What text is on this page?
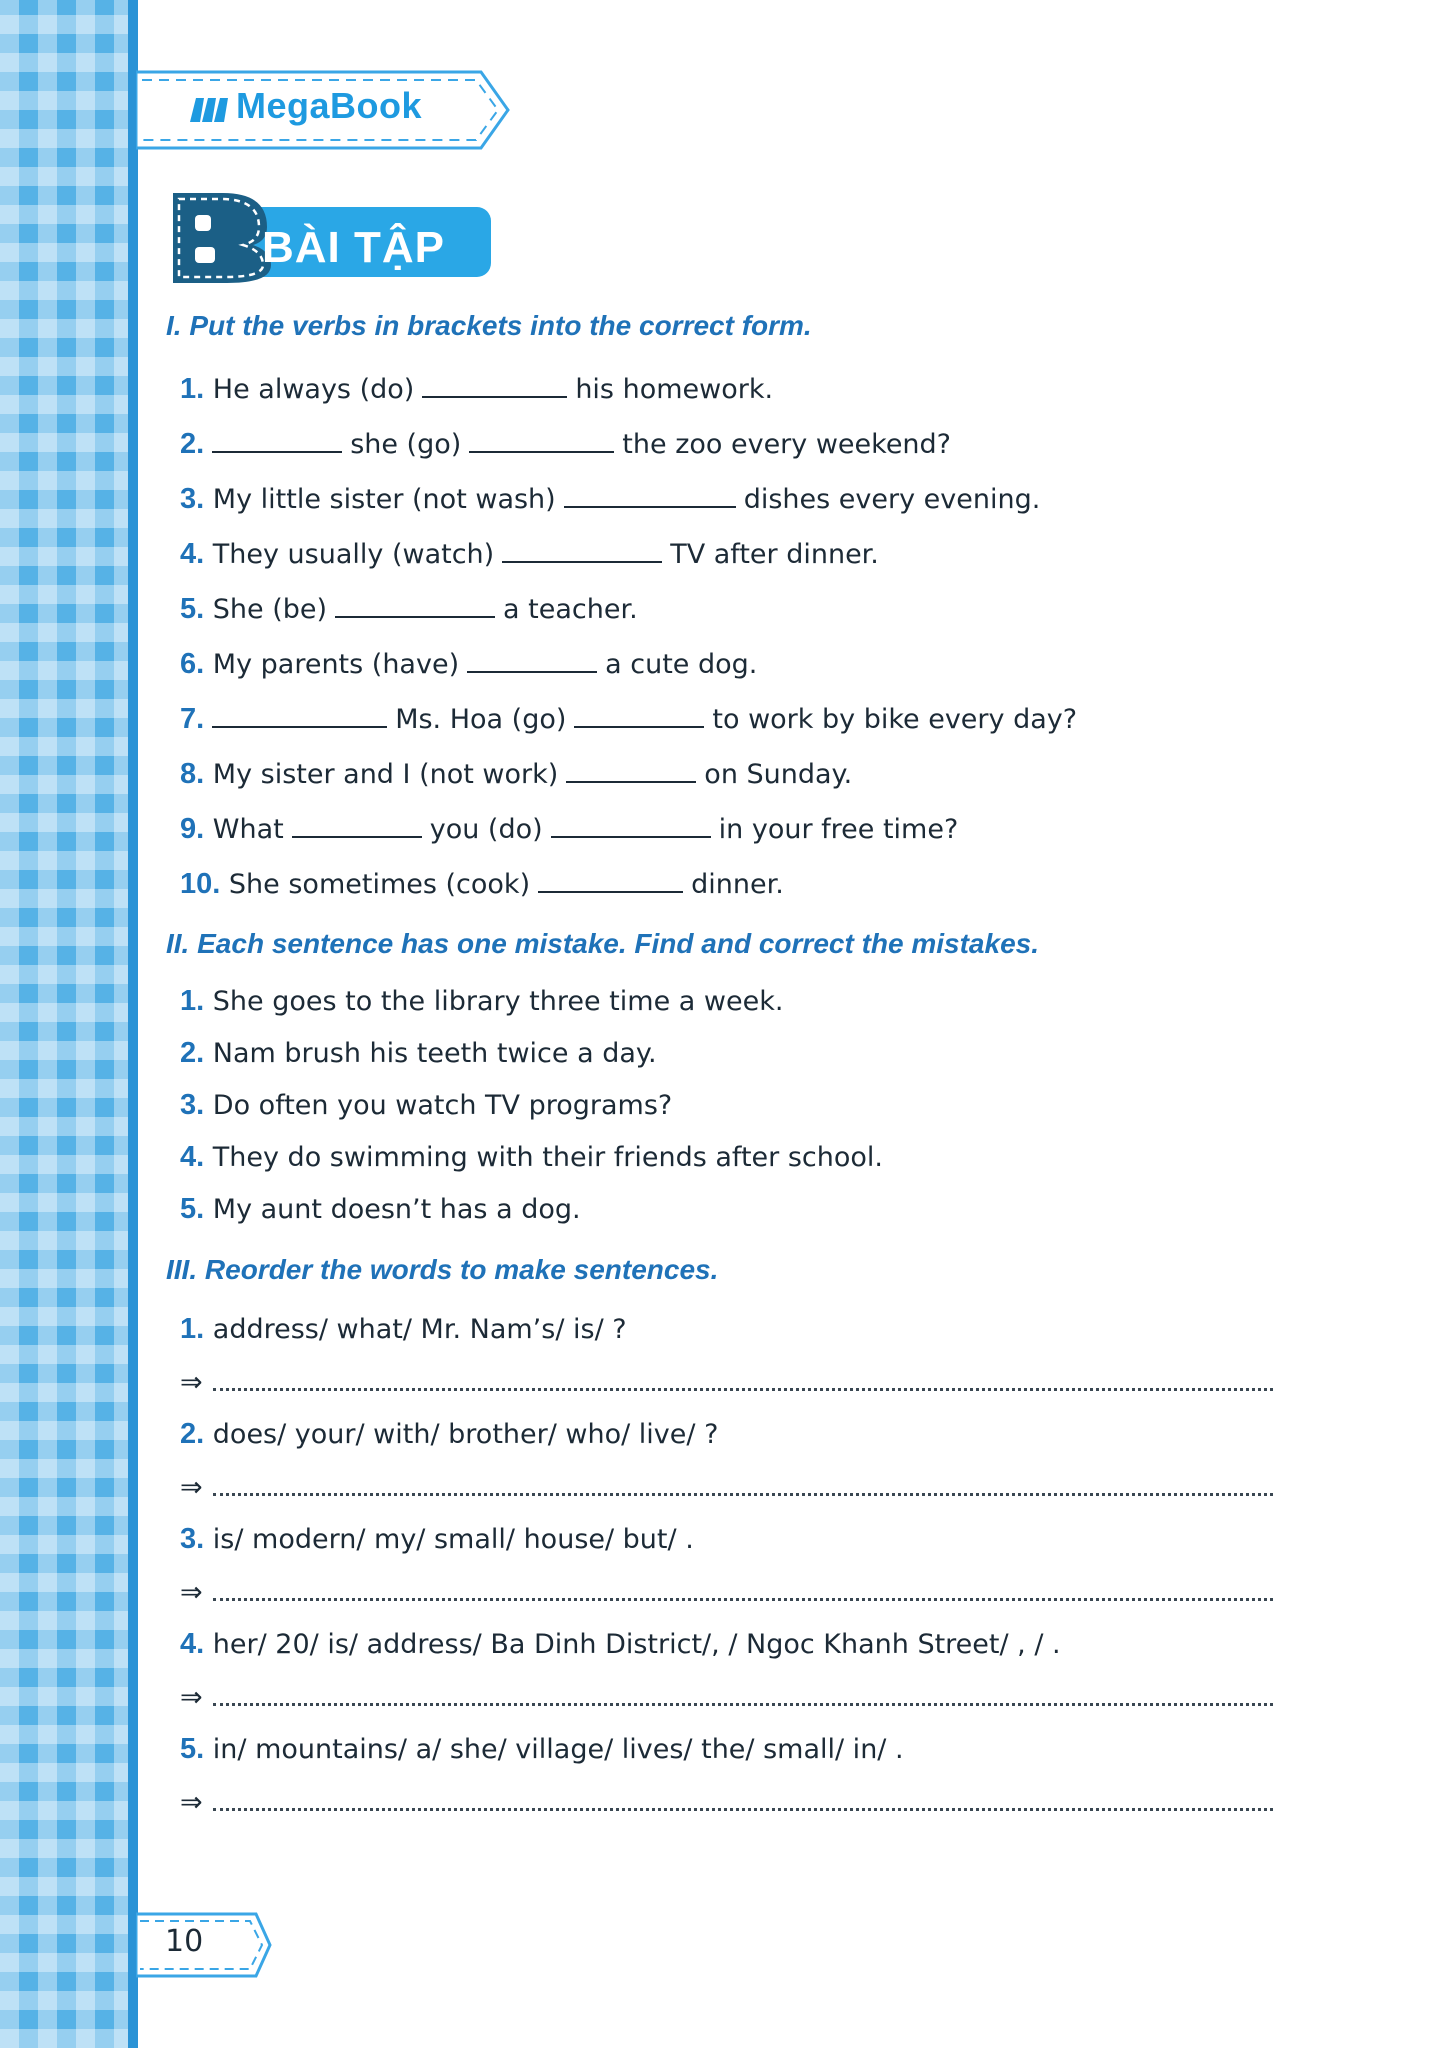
MegaBook
BÀI TẬP
I. Put the verbs in brackets into the correct form.
1. He always (do)	his homework.
2.	she (go)	the zoo every weekend?
3. My little sister (not wash)	dishes every evening.
4. They usually (watch)	TV after dinner.
5. She (be)	a teacher.
6. My parents (have)	a cute dog.
7.	Ms. Hoa (go)	to work by bike every day?
8. My sister and I (not work)	on Sunday.
9. What	you (do)	in your free time?
10. She sometimes (cook)	dinner.
II. Each sentence has one mistake. Find and correct the mistakes.
1. She goes to the library three time a week.
2. Nam brush his teeth twice a day.
3. Do often you watch TV programs?
4. They do swimming with their friends after school.
5. My aunt doesn’t has a dog.
III. Reorder the words to make sentences.
1. address/ what/ Mr. Nam’s/ is/ ?
⇒
2. does/ your/ with/ brother/ who/ live/ ?
⇒
3. is/ modern/ my/ small/ house/ but/ .
⇒
4. her/ 20/ is/ address/ Ba Dinh District/, / Ngoc Khanh Street/ , / .
⇒
5. in/ mountains/ a/ she/ village/ lives/ the/ small/ in/ .
⇒
10
